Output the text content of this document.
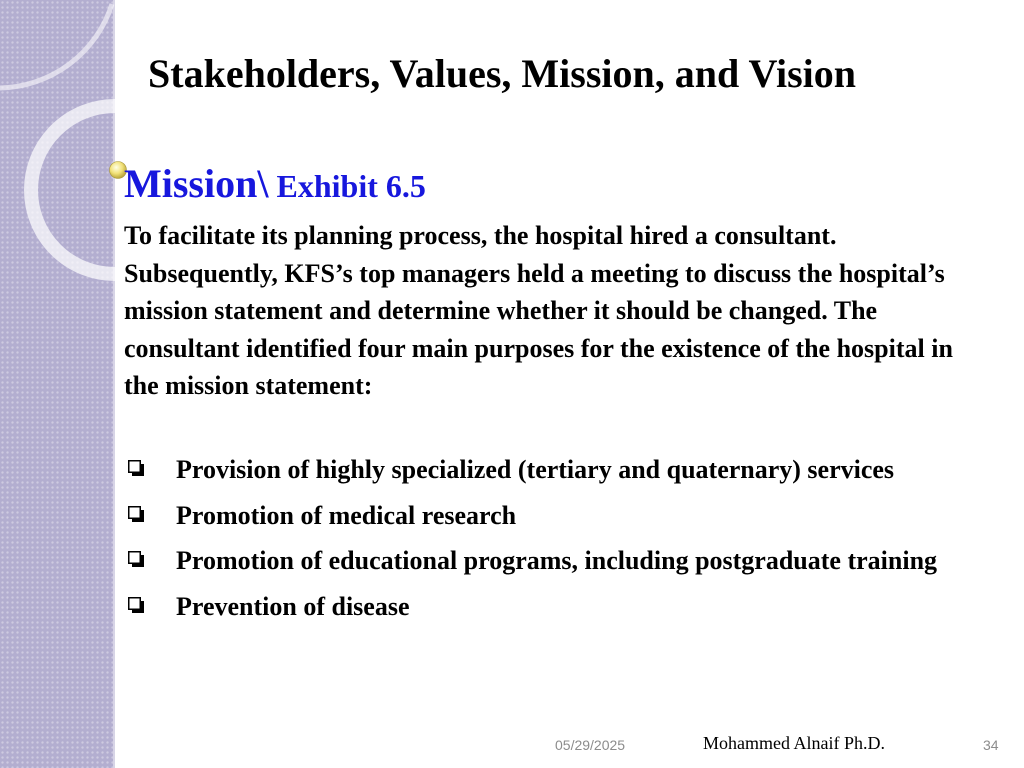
Stakeholders, Values, Mission, and Vision
Mission\ Exhibit 6.5

To facilitate its planning process, the hospital hired a consultant. Subsequently, KFS’s top managers held a meeting to discuss the hospital’s mission statement and determine whether it should be changed. The consultant identified four main purposes for the existence of the hospital in the mission statement:

Provision of highly specialized (tertiary and quaternary) services
Promotion of medical research
Promotion of educational programs, including postgraduate training
Prevention of disease
05/29/2025	Mohammed Alnaif Ph.D.	34
